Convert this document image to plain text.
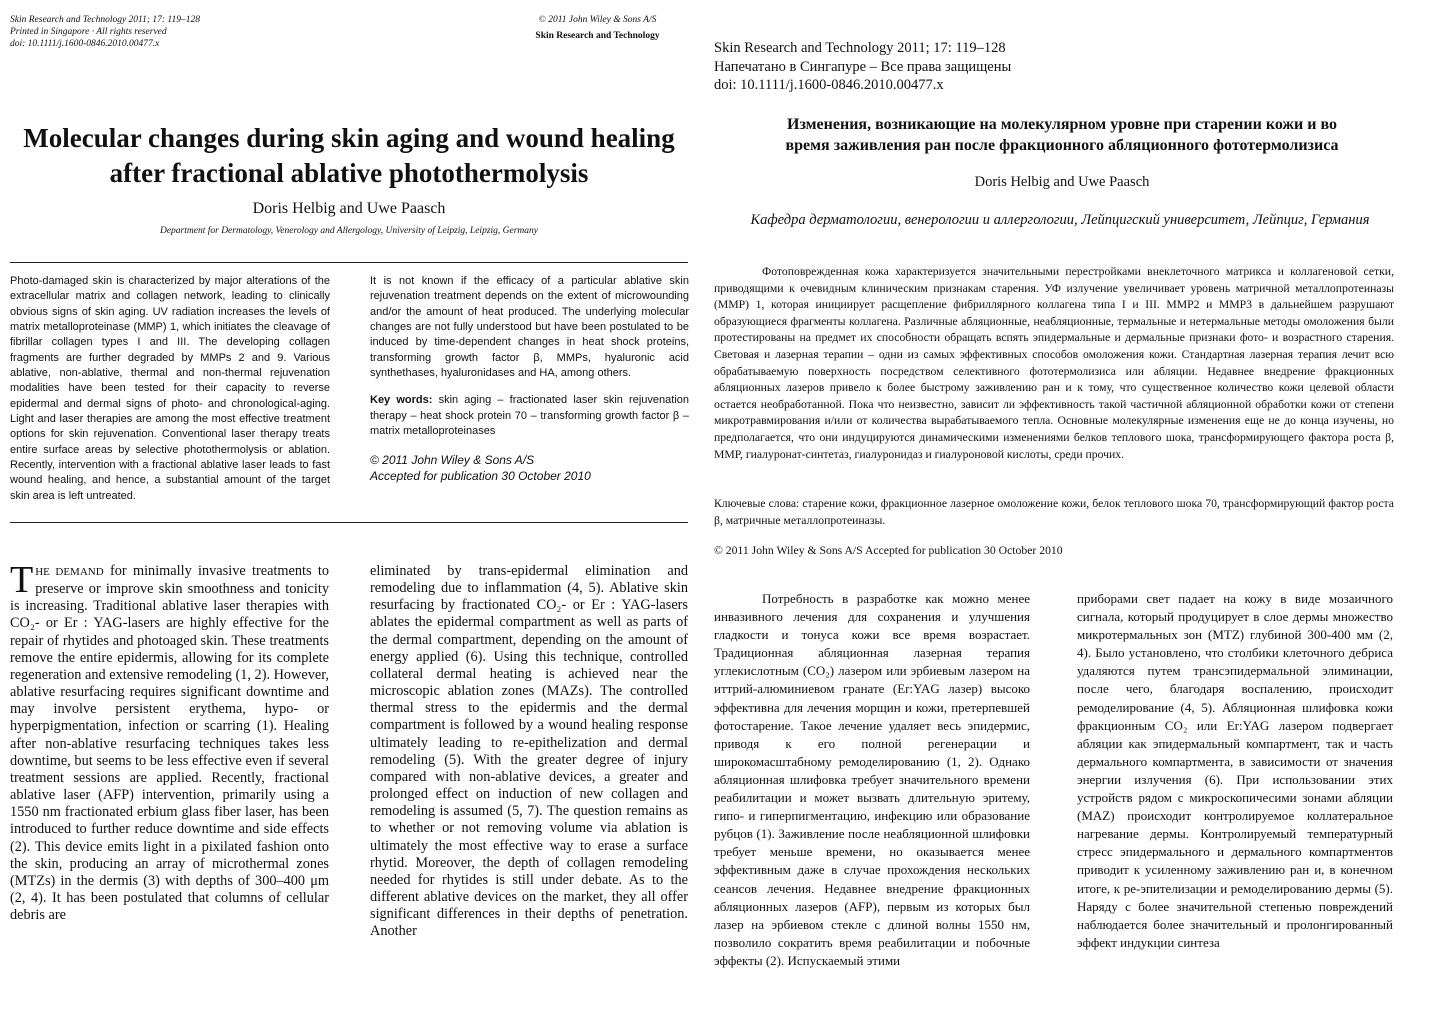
Skin Research and Technology 2011; 17: 119–128
Printed in Singapore · All rights reserved
doi: 10.1111/j.1600-0846.2010.00477.x
© 2011 John Wiley & Sons A/S
Skin Research and Technology
Molecular changes during skin aging and wound healing
after fractional ablative photothermolysis
Doris Helbig and Uwe Paasch
Department for Dermatology, Venerology and Allergology, University of Leipzig, Leipzig, Germany
Photo-damaged skin is characterized by major alterations of the extracellular matrix and collagen network, leading to clinically obvious signs of skin aging. UV radiation increases the levels of matrix metalloproteinase (MMP) 1, which initiates the cleavage of fibrillar collagen types I and III. The developing collagen fragments are further degraded by MMPs 2 and 9. Various ablative, non-ablative, thermal and non-thermal rejuvenation modalities have been tested for their capacity to reverse epidermal and dermal signs of photo- and chronological-aging. Light and laser therapies are among the most effective treatment options for skin rejuvenation. Conventional laser therapy treats entire surface areas by selective photothermolysis or ablation. Recently, intervention with a fractional ablative laser leads to fast wound healing, and hence, a substantial amount of the target skin area is left untreated.
It is not known if the efficacy of a particular ablative skin rejuvenation treatment depends on the extent of microwounding and/or the amount of heat produced. The underlying molecular changes are not fully understood but have been postulated to be induced by time-dependent changes in heat shock proteins, transforming growth factor β, MMPs, hyaluronic acid synthethases, hyaluronidases and HA, among others.
Key words: skin aging – fractionated laser skin rejuvenation therapy – heat shock protein 70 – transforming growth factor β – matrix metalloproteinases
© 2011 John Wiley & Sons A/S
Accepted for publication 30 October 2010
THE DEMAND for minimally invasive treatments to preserve or improve skin smoothness and tonicity is increasing. Traditional ablative laser therapies with CO₂- or Er : YAG-lasers are highly effective for the repair of rhytides and photoaged skin. These treatments remove the entire epidermis, allowing for its complete regeneration and extensive remodeling (1, 2). However, ablative resurfacing requires significant downtime and may involve persistent erythema, hypo- or hyperpigmentation, infection or scarring (1). Healing after non-ablative resurfacing techniques takes less downtime, but seems to be less effective even if several treatment sessions are applied. Recently, fractional ablative laser (AFP) intervention, primarily using a 1550 nm fractionated erbium glass fiber laser, has been introduced to further reduce downtime and side effects (2). This device emits light in a pixilated fashion onto the skin, producing an array of microthermal zones (MTZs) in the dermis (3) with depths of 300–400 μm (2, 4). It has been postulated that columns of cellular debris are
eliminated by trans-epidermal elimination and remodeling due to inflammation (4, 5). Ablative skin resurfacing by fractionated CO₂- or Er : YAG-lasers ablates the epidermal compartment as well as parts of the dermal compartment, depending on the amount of energy applied (6). Using this technique, controlled collateral dermal heating is achieved near the microscopic ablation zones (MAZs). The controlled thermal stress to the epidermis and the dermal compartment is followed by a wound healing response ultimately leading to re-epithelization and dermal remodeling (5). With the greater degree of injury compared with non-ablative devices, a greater and prolonged effect on induction of new collagen and remodeling is assumed (5, 7). The question remains as to whether or not removing volume via ablation is ultimately the most effective way to erase a surface rhytid. Moreover, the depth of collagen remodeling needed for rhytides is still under debate. As to the different ablative devices on the market, they all offer significant differences in their depths of penetration. Another
Skin Research and Technology 2011; 17: 119–128
Напечатано в Сингапуре – Все права защищены
doi: 10.1111/j.1600-0846.2010.00477.x
Изменения, возникающие на молекулярном уровне при старении кожи и во
время заживления ран после фракционного абляционного фототермолизиса
Doris Helbig and Uwe Paasch
Кафедра дерматологии, венерологии и аллергологии, Лейпцигский университет, Лейпциг, Германия
Фотоповрежденная кожа характеризуется значительными перестройками внеклеточного матрикса и коллагеновой сетки, приводящими к очевидным клиническим признакам старения. УФ излучение увеличивает уровень матричной металлопротеиназы (MMP) 1, которая инициирует расщепление фибриллярного коллагена типа I и III. MMP2 и MMP3 в дальнейшем разрушают образующиеся фрагменты коллагена. Различные абляционные, неабляционные, термальные и нетермальные методы омоложения были протестированы на предмет их способности обращать вспять эпидермальные и дермальные признаки фото- и возрастного старения. Световая и лазерная терапии – одни из самых эффективных способов омоложения кожи. Стандартная лазерная терапия лечит всю обрабатываемую поверхность посредством селективного фототермолизиса или абляции. Недавнее внедрение фракционных абляционных лазеров привело к более быстрому заживлению ран и к тому, что существенное количество кожи целевой области остается необработанной. Пока что неизвестно, зависит ли эффективность такой частичной абляционной обработки кожи от степени микротравмирования и/или от количества вырабатываемого тепла. Основные молекулярные изменения еще не до конца изучены, но предполагается, что они индуцируются динамическими изменениями белков теплового шока, трансформирующего фактора роста β, MMP, гиалуронат-синтетаз, гиалуронидаз и гиалуроновой кислоты, среди прочих.
Ключевые слова: старение кожи, фракционное лазерное омоложение кожи, белок теплового шока 70, трансформирующий фактор роста β, матричные металлопротеиназы.
© 2011 John Wiley & Sons A/S Accepted for publication 30 October 2010
Потребность в разработке как можно менее инвазивного лечения для сохранения и улучшения гладкости и тонуса кожи все время возрастает. Традиционная абляционная лазерная терапия углекислотным (CO₂) лазером или эрбиевым лазером на иттрий-алюминиевом гранате (Er:YAG лазер) высоко эффективна для лечения морщин и кожи, претерпевшей фотостарение. Такое лечение удаляет весь эпидермис, приводя к его полной регенерации и широкомасштабному ремоделированию (1, 2). Однако абляционная шлифовка требует значительного времени реабилитации и может вызвать длительную эритему, гипо- и гиперпигментацию, инфекцию или образование рубцов (1). Заживление после неабляционной шлифовки требует меньше времени, но оказывается менее эффективным даже в случае прохождения нескольких сеансов лечения. Недавнее внедрение фракционных абляционных лазеров (AFP), первым из которых был лазер на эрбиевом стекле с длиной волны 1550 нм, позволило сократить время реабилитации и побочные эффекты (2). Испускаемый этими
приборами свет падает на кожу в виде мозаичного сигнала, который продуцирует в слое дермы множество микротермальных зон (MTZ) глубиной 300-400 мм (2, 4). Было установлено, что столбики клеточного дебриса удаляются путем трансэпидермальной элиминации, после чего, благодаря воспалению, происходит ремоделирование (4, 5). Абляционная шлифовка кожи фракционным CO₂ или Er:YAG лазером подвергает абляции как эпидермальный компартмент, так и часть дермального компартмента, в зависимости от значения энергии излучения (6). При использовании этих устройств рядом с микроскопичесими зонами абляции (MAZ) происходит контролируемое коллатеральное нагревание дермы. Контролируемый температурный стресс эпидермального и дермального компартментов приводит к усиленному заживлению ран и, в конечном итоге, к ре-эпителизации и ремоделированию дермы (5). Наряду с более значительной степенью повреждений наблюдается более значительный и пролонгированный эффект индукции синтеза
